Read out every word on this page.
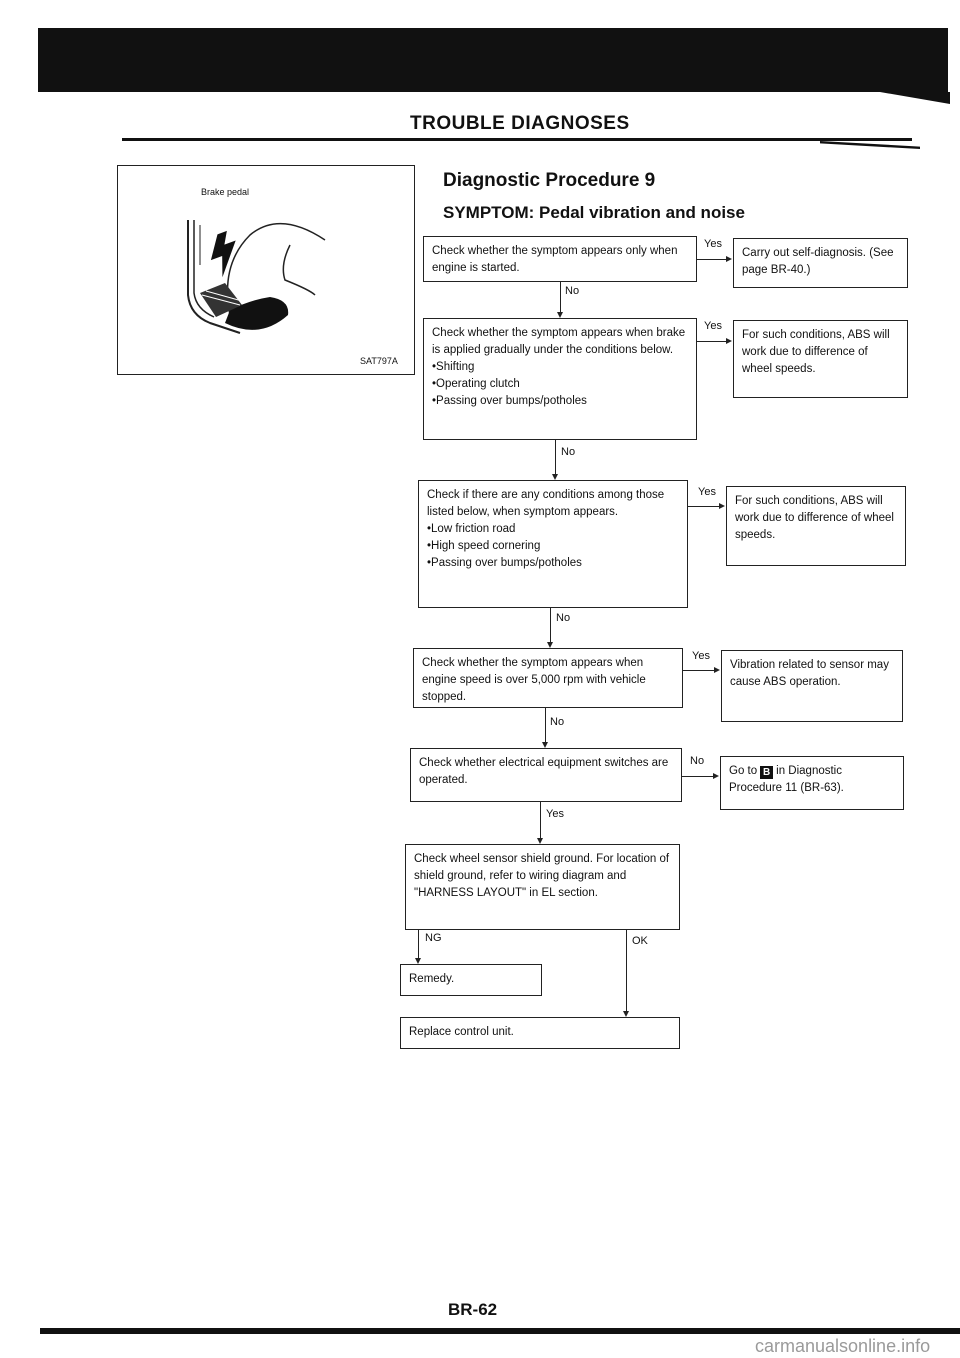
TROUBLE DIAGNOSES
Brake pedal
SAT797A
Diagnostic Procedure 9
SYMPTOM: Pedal vibration and noise
Check whether the symptom appears only when engine is started.
Yes
Carry out self-diagnosis. (See page BR-40.)
No
Check whether the symptom appears when brake is applied gradually under the conditions below.
• Shifting
• Operating clutch
• Passing over bumps/potholes
Yes
For such conditions, ABS will work due to difference of wheel speeds.
No
Check if there are any conditions among those listed below, when symptom appears.
• Low friction road
• High speed cornering
• Passing over bumps/potholes
Yes
For such conditions, ABS will work due to difference of wheel speeds.
No
Check whether the symptom appears when engine speed is over 5,000 rpm with vehicle stopped.
Yes
Vibration related to sensor may cause ABS operation.
No
Check whether electrical equipment switches are operated.
No
Go to B in Diagnostic Procedure 11 (BR-63).
Yes
Check wheel sensor shield ground. For location of shield ground, refer to wiring diagram and "HARNESS LAYOUT" in EL section.
NG	OK
Remedy.
Replace control unit.
BR-62
carmanualsonline.info
